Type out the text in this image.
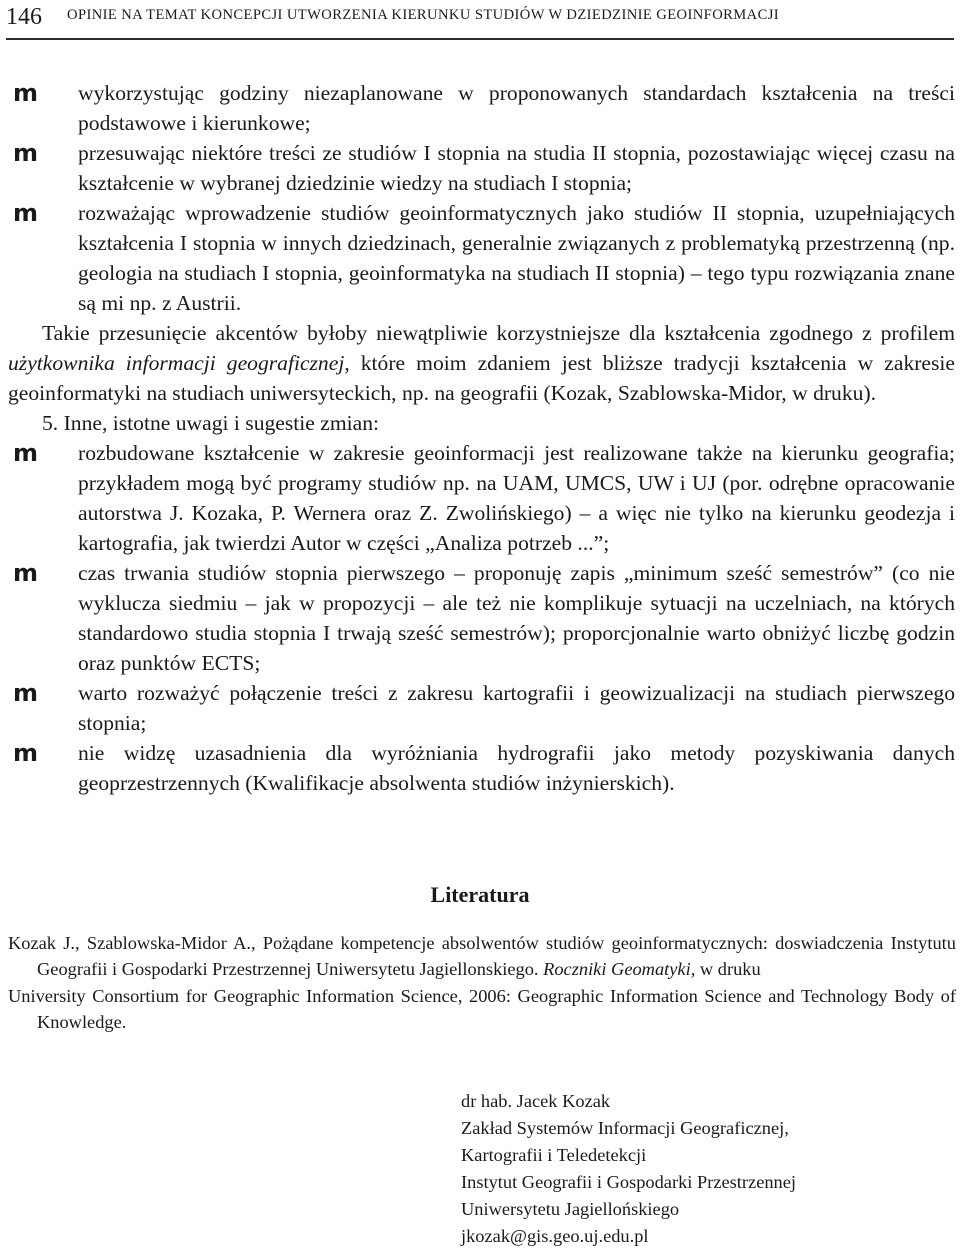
146 OPINIE NA TEMAT KONCEPCJI UTWORZENIA KIERUNKU STUDIÓW W DZIEDZINIE GEOINFORMACJI
m wykorzystując godziny niezaplanowane w proponowanych standardach kształcenia na treści podstawowe i kierunkowe;
m przesuwając niektóre treści ze studiów I stopnia na studia II stopnia, pozostawiając więcej czasu na kształcenie w wybranej dziedzinie wiedzy na studiach I stopnia;
m rozważając wprowadzenie studiów geoinformatycznych jako studiów II stopnia, uzupełniających kształcenia I stopnia w innych dziedzinach, generalnie związanych z problematyką przestrzenną (np. geologia na studiach I stopnia, geoinformatyka na studiach II stopnia) – tego typu rozwiązania znane są mi np. z Austrii.

Takie przesunięcie akcentów byłoby niewątpliwie korzystniejsze dla kształcenia zgodnego z profilem użytkownika informacji geograficznej, które moim zdaniem jest bliższe tradycji kształcenia w zakresie geoinformatyki na studiach uniwersyteckich, np. na geografii (Kozak, Szablowska-Midor, w druku).

5. Inne, istotne uwagi i sugestie zmian:

m rozbudowane kształcenie w zakresie geoinformacji jest realizowane także na kierunku geografia; przykładem mogą być programy studiów np. na UAM, UMCS, UW i UJ (por. odrębne opracowanie autorstwa J. Kozaka, P. Wernera oraz Z. Zwolińskiego) – a więc nie tylko na kierunku geodezja i kartografia, jak twierdzi Autor w części „Analiza potrzeb ...”;
m czas trwania studiów stopnia pierwszego – proponuję zapis „minimum sześć semestrów” (co nie wyklucza siedmiu – jak w propozycji – ale też nie komplikuje sytuacji na uczelniach, na których standardowo studia stopnia I trwają sześć semestrów); proporcjonalnie warto obniżyć liczbę godzin oraz punktów ECTS;
m warto rozważyć połączenie treści z zakresu kartografii i geowizualizacji na studiach pierwszego stopnia;
m nie widzę uzasadnienia dla wyróżniania hydrografii jako metody pozyskiwania danych geoprzestrzennych (Kwalifikacje absolwenta studiów inżynierskich).
Literatura

Kozak J., Szablowska-Midor A., Pożądane kompetencje absolwentów studiów geoinformatycznych: doswiadczenia Instytutu Geografii i Gospodarki Przestrzennej Uniwersytetu Jagiellonskiego. Roczniki Geomatyki, w druku

University Consortium for Geographic Information Science, 2006: Geographic Information Science and Technology Body of Knowledge.

dr hab. Jacek Kozak
Zakład Systemów Informacji Geograficznej,
Kartografii i Teledetekcji
Instytut Geografii i Gospodarki Przestrzennej
Uniwersytetu Jagiellońskiego
jkozak@gis.geo.uj.edu.pl
